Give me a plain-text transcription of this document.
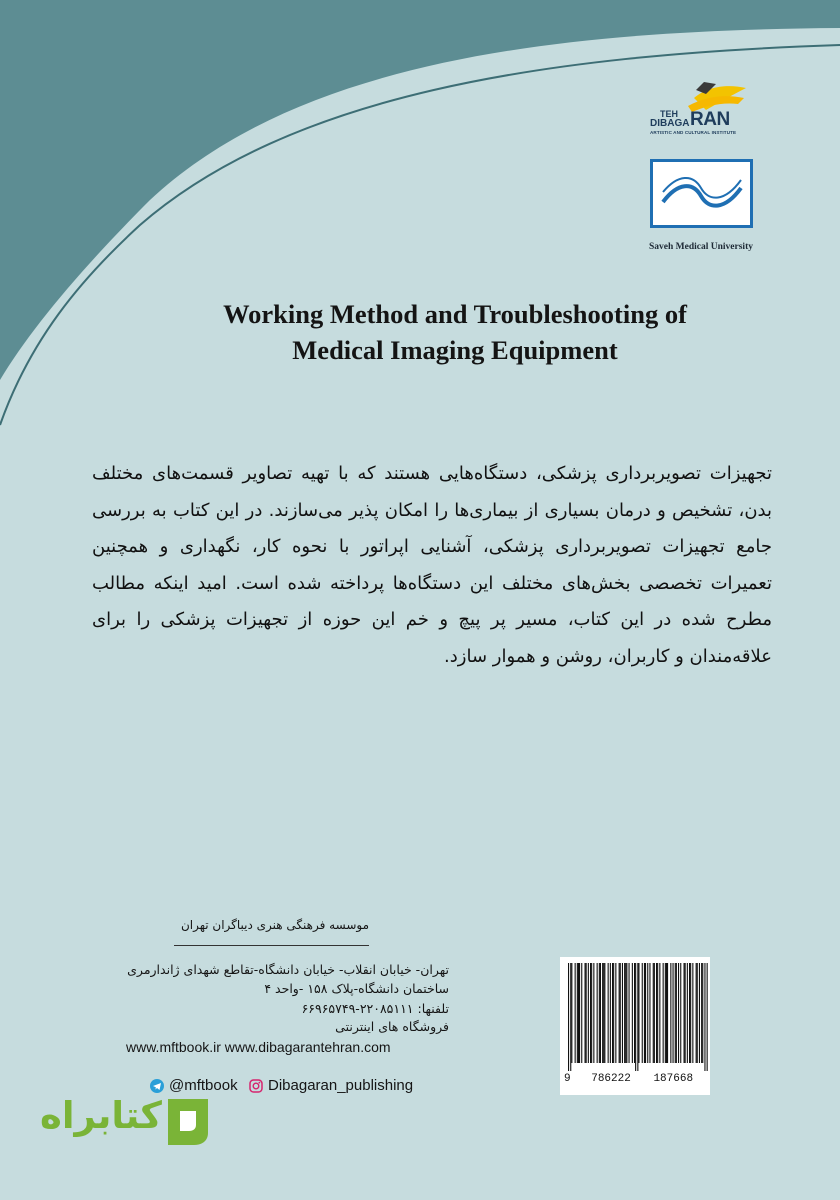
TEH
DIBAGA RAN
ARTISTIC AND CULTURAL INSTITUTE
Saveh Medical University
Working Method and Troubleshooting of
Medical Imaging Equipment
تجهیزات تصویربرداری پزشکی، دستگاه‌هایی هستند که با تهیه تصاویر قسمت‌های مختلف بدن، تشخیص و درمان بسیاری از بیماری‌ها را امکان پذیر می‌سازند. در این کتاب به بررسی جامع تجهیزات تصویربرداری پزشکی، آشنایی اپراتور با نحوه کار، نگهداری و همچنین تعمیرات تخصصی بخش‌های مختلف این دستگاه‌ها پرداخته شده است. امید اینکه مطالب مطرح شده در این کتاب، مسیر پر پیچ و خم این حوزه از تجهیزات پزشکی را برای علاقه‌مندان و کاربران، روشن و هموار سازد.
موسسه فرهنگی هنری دیباگران تهران
تهران- خیابان انقلاب- خیابان دانشگاه-تقاطع شهدای ژاندارمری
ساختمان دانشگاه-پلاک ۱۵۸ -واحد ۴
تلفنها: ۲۲۰۸۵۱۱۱-۶۶۹۶۵۷۴۹
فروشگاه های اینترنتی
www.mftbook.ir www.dibagarantehran.com
@mftbook Dibagaran_publishing	9 786222 187668
کتابراه
